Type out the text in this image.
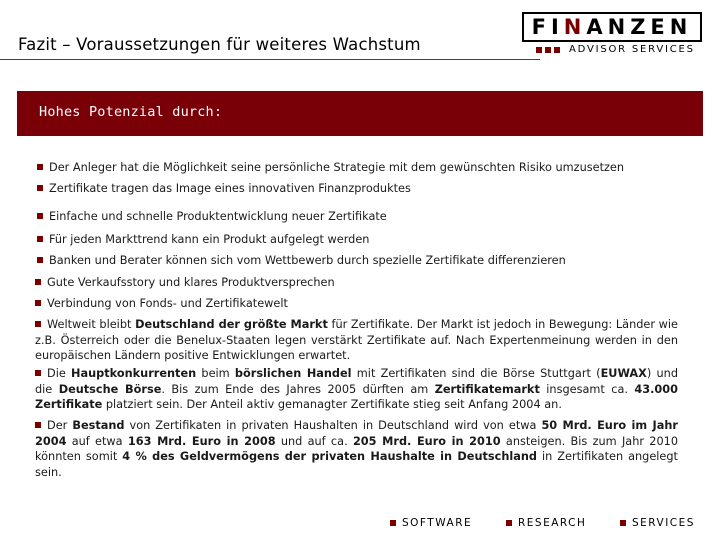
Fazit – Voraussetzungen für weiteres Wachstum
FINANZEN
ADVISOR SERVICES
Hohes Potenzial durch:
Der Anleger hat die Möglichkeit seine persönliche Strategie mit dem gewünschten Risiko umzusetzen
Zertifikate tragen das Image eines innovativen Finanzproduktes
Einfache und schnelle Produktentwicklung neuer Zertifikate
Für jeden Markttrend kann ein Produkt aufgelegt werden
Banken und Berater können sich vom Wettbewerb durch spezielle Zertifikate differenzieren
Gute Verkaufsstory und klares Produktversprechen
Verbindung von Fonds- und Zertifikatewelt
Weltweit bleibt Deutschland der größte Markt für Zertifikate. Der Markt ist jedoch in Bewegung: Länder wie z.B. Österreich oder die Benelux-Staaten legen verstärkt Zertifikate auf. Nach Expertenmeinung werden in den europäischen Ländern positive Entwicklungen erwartet.
Die Hauptkonkurrenten beim börslichen Handel mit Zertifikaten sind die Börse Stuttgart (EUWAX) und die Deutsche Börse. Bis zum Ende des Jahres 2005 dürften am Zertifikatemarkt insgesamt ca. 43.000 Zertifikate platziert sein. Der Anteil aktiv gemanagter Zertifikate stieg seit Anfang 2004 an.
Der Bestand von Zertifikaten in privaten Haushalten in Deutschland wird von etwa 50 Mrd. Euro im Jahr 2004 auf etwa 163 Mrd. Euro in 2008 und auf ca. 205 Mrd. Euro in 2010 ansteigen. Bis zum Jahr 2010 könnten somit 4 % des Geldvermögens der privaten Haushalte in Deutschland in Zertifikaten angelegt sein.
SOFTWARE	RESEARCH	SERVICES
